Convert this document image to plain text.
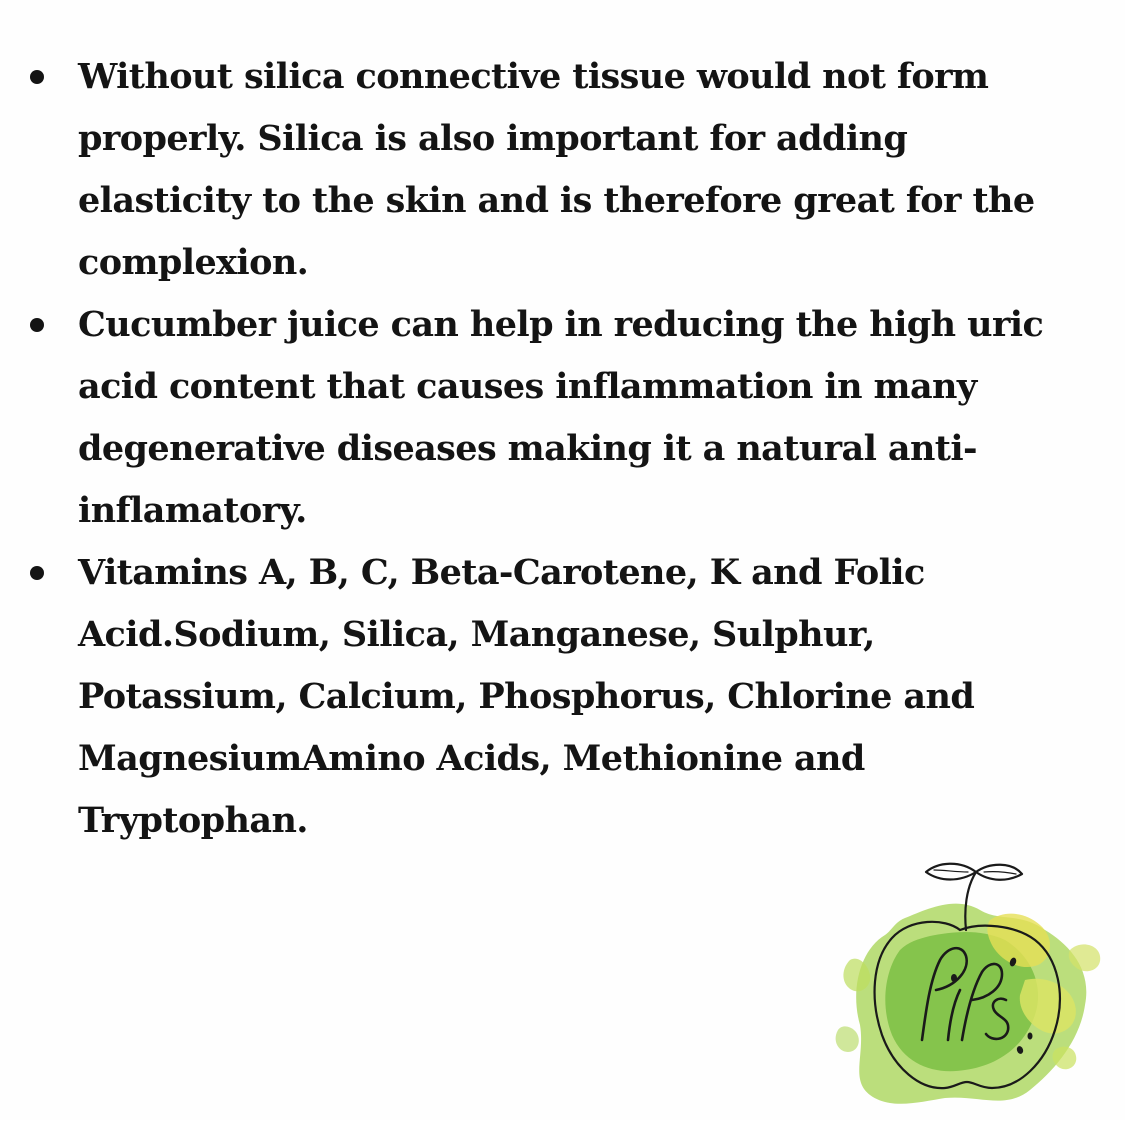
Without silica connective tissue would not form properly. Silica is also important for adding elasticity to the skin and is therefore great for the complexion.
Cucumber juice can help in reducing the high uric acid content that causes inflammation in many degenerative diseases making it a natural anti-inflamatory.
Vitamins A, B, C, Beta-Carotene, K and Folic Acid.Sodium, Silica, Manganese, Sulphur, Potassium, Calcium, Phosphorus, Chlorine and MagnesiumAmino Acids, Methionine and Tryptophan.
